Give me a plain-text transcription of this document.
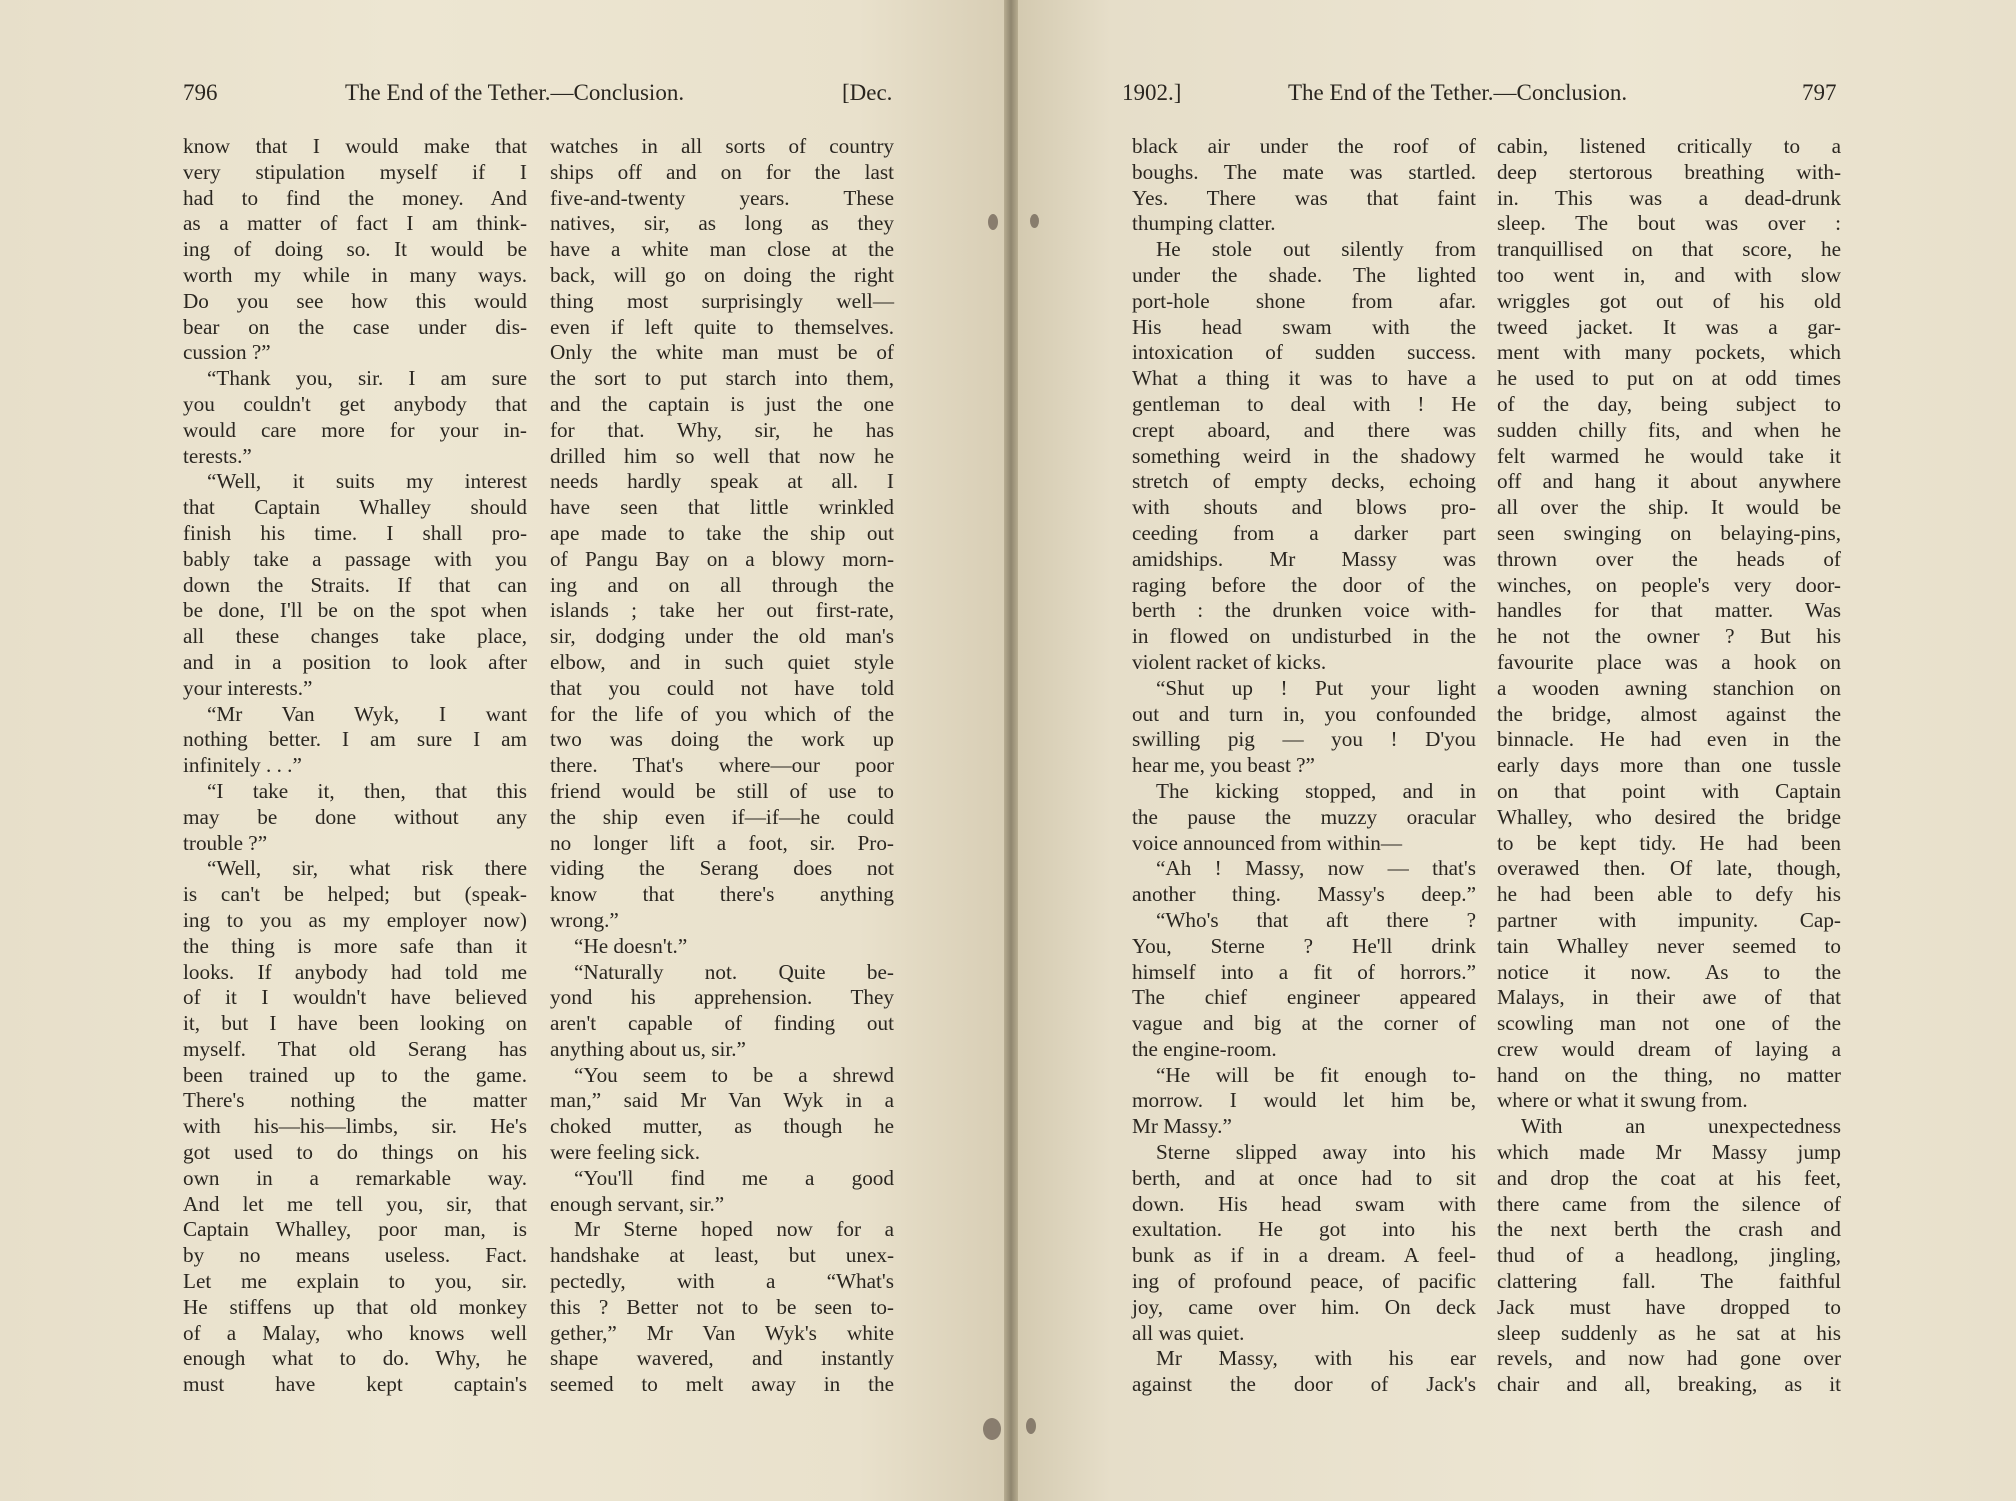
796	The End of the Tether.—Conclusion.	[Dec.
know that I would make that
very stipulation myself if I
had to find the money. And
as a matter of fact I am think-
ing of doing so. It would be
worth my while in many ways.
Do you see how this would
bear on the case under dis-
cussion ?”
“Thank you, sir. I am sure
you couldn't get anybody that
would care more for your in-
terests.”
“Well, it suits my interest
that Captain Whalley should
finish his time. I shall pro-
bably take a passage with you
down the Straits. If that can
be done, I'll be on the spot when
all these changes take place,
and in a position to look after
your interests.”
“Mr Van Wyk, I want
nothing better. I am sure I am
infinitely . . .”
“I take it, then, that this
may be done without any
trouble ?”
“Well, sir, what risk there
is can't be helped; but (speak-
ing to you as my employer now)
the thing is more safe than it
looks. If anybody had told me
of it I wouldn't have believed
it, but I have been looking on
myself. That old Serang has
been trained up to the game.
There's nothing the matter
with his—his—limbs, sir. He's
got used to do things on his
own in a remarkable way.
And let me tell you, sir, that
Captain Whalley, poor man, is
by no means useless. Fact.
Let me explain to you, sir.
He stiffens up that old monkey
of a Malay, who knows well
enough what to do. Why, he
must have kept captain's
watches in all sorts of country
ships off and on for the last
five-and-twenty years. These
natives, sir, as long as they
have a white man close at the
back, will go on doing the right
thing most surprisingly well—
even if left quite to themselves.
Only the white man must be of
the sort to put starch into them,
and the captain is just the one
for that. Why, sir, he has
drilled him so well that now he
needs hardly speak at all. I
have seen that little wrinkled
ape made to take the ship out
of Pangu Bay on a blowy morn-
ing and on all through the
islands ; take her out first-rate,
sir, dodging under the old man's
elbow, and in such quiet style
that you could not have told
for the life of you which of the
two was doing the work up
there. That's where—our poor
friend would be still of use to
the ship even if—if—he could
no longer lift a foot, sir. Pro-
viding the Serang does not
know that there's anything
wrong.”
“He doesn't.”
“Naturally not. Quite be-
yond his apprehension. They
aren't capable of finding out
anything about us, sir.”
“You seem to be a shrewd
man,” said Mr Van Wyk in a
choked mutter, as though he
were feeling sick.
“You'll find me a good
enough servant, sir.”
Mr Sterne hoped now for a
handshake at least, but unex-
pectedly, with a “What's
this ? Better not to be seen to-
gether,” Mr Van Wyk's white
shape wavered, and instantly
seemed to melt away in the
1902.]	The End of the Tether.—Conclusion.	797
black air under the roof of
boughs. The mate was startled.
Yes. There was that faint
thumping clatter.
He stole out silently from
under the shade. The lighted
port-hole shone from afar.
His head swam with the
intoxication of sudden success.
What a thing it was to have a
gentleman to deal with ! He
crept aboard, and there was
something weird in the shadowy
stretch of empty decks, echoing
with shouts and blows pro-
ceeding from a darker part
amidships. Mr Massy was
raging before the door of the
berth : the drunken voice with-
in flowed on undisturbed in the
violent racket of kicks.
“Shut up ! Put your light
out and turn in, you confounded
swilling pig — you ! D'you
hear me, you beast ?”
The kicking stopped, and in
the pause the muzzy oracular
voice announced from within—
“Ah ! Massy, now — that's
another thing. Massy's deep.”
“Who's that aft there ?
You, Sterne ? He'll drink
himself into a fit of horrors.”
The chief engineer appeared
vague and big at the corner of
the engine-room.
“He will be fit enough to-
morrow. I would let him be,
Mr Massy.”
Sterne slipped away into his
berth, and at once had to sit
down. His head swam with
exultation. He got into his
bunk as if in a dream. A feel-
ing of profound peace, of pacific
joy, came over him. On deck
all was quiet.
Mr Massy, with his ear
against the door of Jack's
cabin, listened critically to a
deep stertorous breathing with-
in. This was a dead-drunk
sleep. The bout was over :
tranquillised on that score, he
too went in, and with slow
wriggles got out of his old
tweed jacket. It was a gar-
ment with many pockets, which
he used to put on at odd times
of the day, being subject to
sudden chilly fits, and when he
felt warmed he would take it
off and hang it about anywhere
all over the ship. It would be
seen swinging on belaying-pins,
thrown over the heads of
winches, on people's very door-
handles for that matter. Was
he not the owner ? But his
favourite place was a hook on
a wooden awning stanchion on
the bridge, almost against the
binnacle. He had even in the
early days more than one tussle
on that point with Captain
Whalley, who desired the bridge
to be kept tidy. He had been
overawed then. Of late, though,
he had been able to defy his
partner with impunity. Cap-
tain Whalley never seemed to
notice it now. As to the
Malays, in their awe of that
scowling man not one of the
crew would dream of laying a
hand on the thing, no matter
where or what it swung from.
With an unexpectedness
which made Mr Massy jump
and drop the coat at his feet,
there came from the silence of
the next berth the crash and
thud of a headlong, jingling,
clattering fall. The faithful
Jack must have dropped to
sleep suddenly as he sat at his
revels, and now had gone over
chair and all, breaking, as it
